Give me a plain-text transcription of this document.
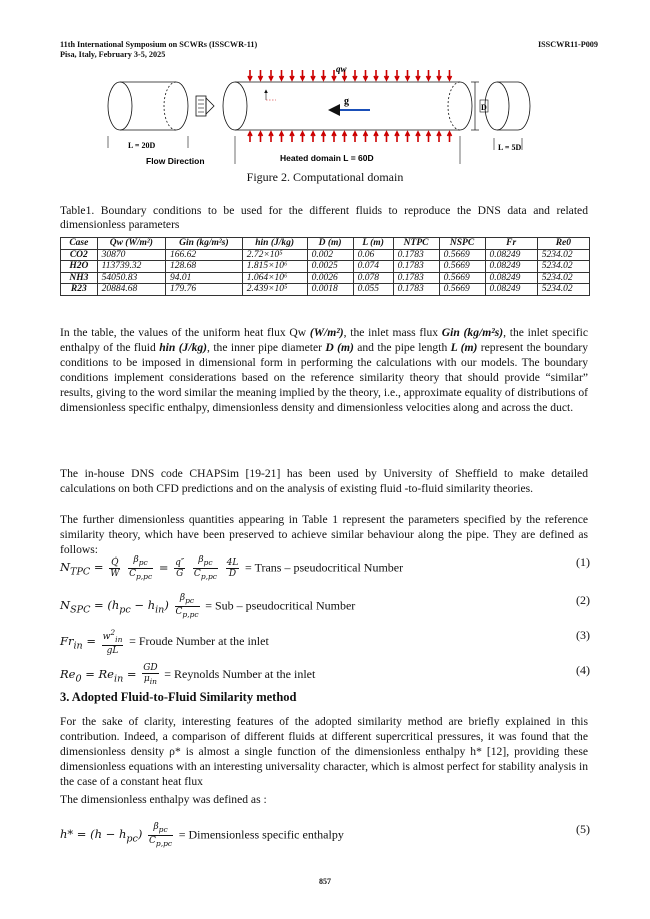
11th International Symposium on SCWRs (ISSCWR-11)
Pisa, Italy, February 3-5, 2025
ISSCWR11-P009
qw
g
D
L = 20D
Flow Direction	Heated domain L = 60D
L = 5D
Figure 2. Computational domain

Table1. Boundary conditions to be used for the different fluids to reproduce the DNS data and related dimensionless parameters

Case	Qw (W/m²)	Gin (kg/m²s)	hin (J/kg)	D (m)	L (m)	NTPC	NSPC	Fr	Re0
CO2	30870	166.62	2.72×10⁵	0.002	0.06	0.1783	0.5669	0.08249	5234.02
H2O	113739.32	128.68	1.815×10⁶	0.0025	0.074	0.1783	0.5669	0.08249	5234.02
NH3	54050.83	94.01	1.064×10⁶	0.0026	0.078	0.1783	0.5669	0.08249	5234.02
R23	20884.68	179.76	2.439×10⁵	0.0018	0.055	0.1783	0.5669	0.08249	5234.02

In the table, the values of the uniform heat flux Qw (W/m²), the inlet mass flux Gin (kg/m²s), the inlet specific enthalpy of the fluid hin (J/kg), the inner pipe diameter D (m) and the pipe length L (m) represent the boundary conditions to be imposed in dimensional form in performing the calculations with our models. The boundary conditions implement considerations based on the reference similarity theory that should provide “similar” results, giving to the word similar the meaning implied by the theory, i.e., approximate equality of distributions of dimensionless specific enthalpy, dimensionless density and dimensionless velocities along and across the duct.

The in-house DNS code CHAPSim [19-21] has been used by University of Sheffield to make detailed calculations on both CFD predictions and on the analysis of existing fluid -to-fluid similarity theories.

The further dimensionless quantities appearing in Table 1 represent the parameters specified by the reference similarity theory, which have been preserved to achieve similar behaviour along the pipe. They are defined as follows:

$N_{TPC} = \frac{Q̇}{W}$
$\frac{\beta_{pc}}{C_{p,pc}} = \frac{q''}{G}$
$\frac{\beta_{pc}}{C_{p,pc}}$
$\frac{4L}{D}$ = Trans – pseudocritical Number	(1)
$N_{SPC} = (h_{pc} - h_{in}) \frac{\beta_{pc}}{C_{p,pc}}$ = Sub – pseudocritical Number	(2)
$Fr_{in} = \frac{w^2_{in}}{gL}$ = Froude Number at the inlet	(3)
$Re_0 = Re_{in} = \frac{GD}{\mu_{in}}$ = Reynolds Number at the inlet	(4)
3. Adopted Fluid-to-Fluid Similarity method

For the sake of clarity, interesting features of the adopted similarity method are briefly explained in this contribution. Indeed, a comparison of different fluids at different supercritical pressures, it was found that the dimensionless density ρ* is almost a single function of the dimensionless enthalpy h* [12], providing these dimensionless equations with an interesting universality character, which is almost perfect for stability analysis in the case of a constant heat flux

The dimensionless enthalpy was defined as :

$h* = (h - h_{pc}) \frac{\beta_{pc}}{C_{p,pc}}$ = Dimensionless specific enthalpy	(5)
857
